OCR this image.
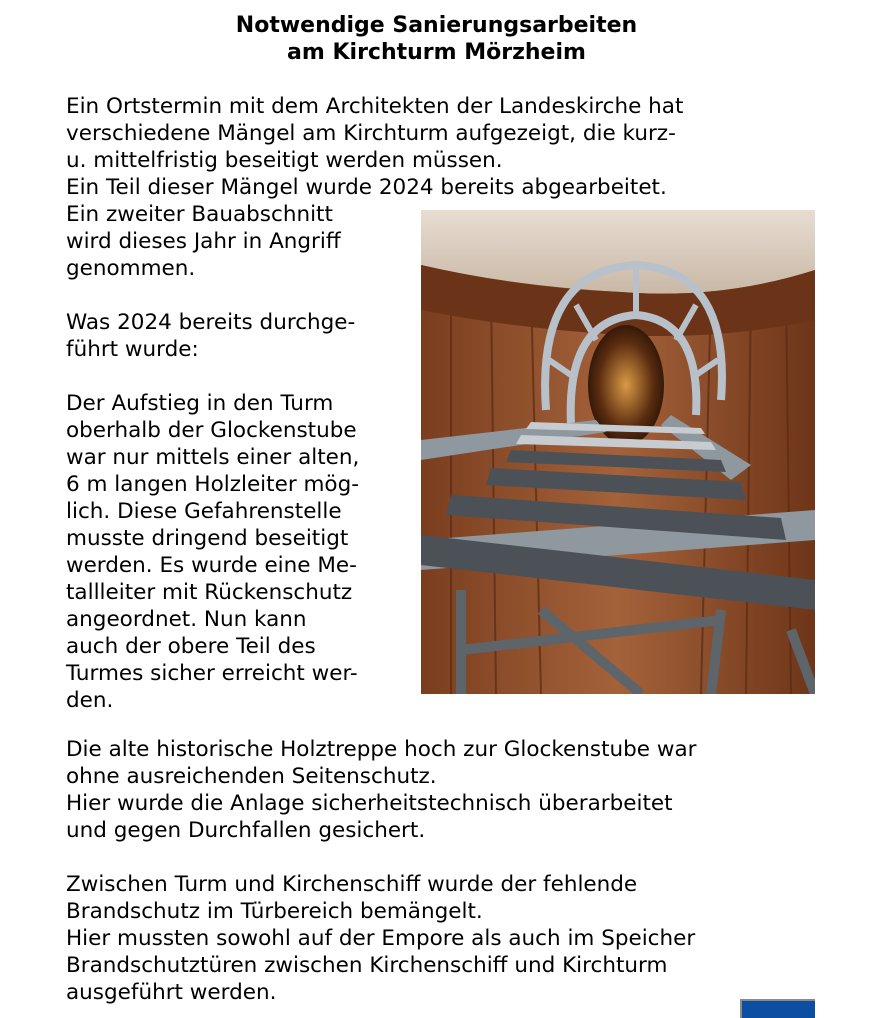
Notwendige Sanierungsarbeiten
am Kirchturm Mörzheim

Ein Ortstermin mit dem Architekten der Landeskirche hat

verschiedene Mängel am Kirchturm aufgezeigt, die kurz-

u. mittelfristig beseitigt werden müssen.

Ein Teil dieser Mängel wurde 2024 bereits abgearbeitet.

Ein zweiter Bauabschnitt

wird dieses Jahr in Angriff

genommen.

Was 2024 bereits durchge-

führt wurde:

Der Aufstieg in den Turm

oberhalb der Glockenstube

war nur mittels einer alten,

6 m langen Holzleiter mög-

lich. Diese Gefahrenstelle

musste dringend beseitigt

werden. Es wurde eine Me-

tallleiter mit Rückenschutz

angeordnet. Nun kann

auch der obere Teil des

Turmes sicher erreicht wer-

den.

Die alte historische Holztreppe hoch zur Glockenstube war

ohne ausreichenden Seitenschutz.

Hier wurde die Anlage sicherheitstechnisch überarbeitet

und gegen Durchfallen gesichert.

Zwischen Turm und Kirchenschiff wurde der fehlende

Brandschutz im Türbereich bemängelt.

Hier mussten sowohl auf der Empore als auch im Speicher

Brandschutztüren zwischen Kirchenschiff und Kirchturm

ausgeführt werden.
